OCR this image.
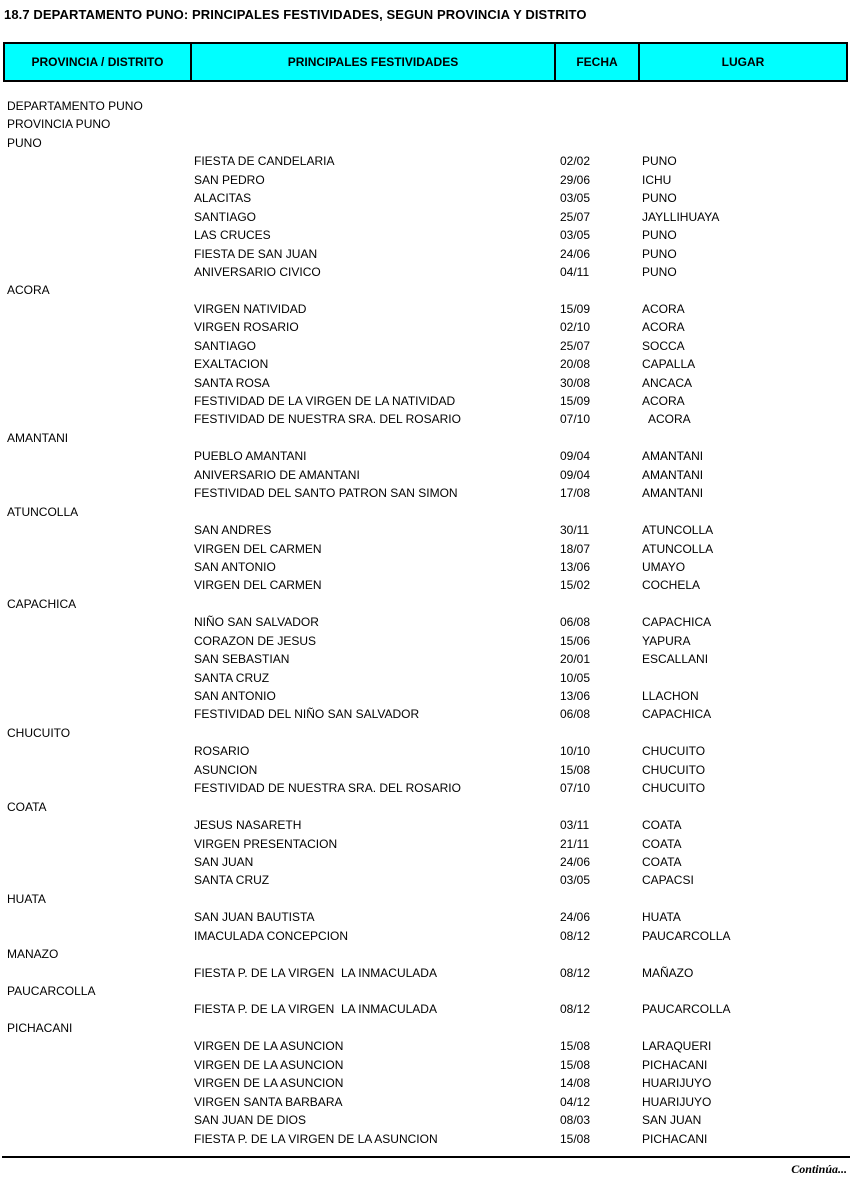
18.7 DEPARTAMENTO PUNO: PRINCIPALES FESTIVIDADES, SEGUN PROVINCIA Y DISTRITO
PROVINCIA / DISTRITO	PRINCIPALES FESTIVIDADES	FECHA	LUGAR
DEPARTAMENTO PUNO
PROVINCIA PUNO
PUNO
FIESTA DE CANDELARIA	02/02	PUNO
SAN PEDRO	29/06	ICHU
ALACITAS	03/05	PUNO
SANTIAGO	25/07	JAYLLIHUAYA
LAS CRUCES	03/05	PUNO
FIESTA DE SAN JUAN	24/06	PUNO
ANIVERSARIO CIVICO	04/11	PUNO
ACORA
VIRGEN NATIVIDAD	15/09	ACORA
VIRGEN ROSARIO	02/10	ACORA
SANTIAGO	25/07	SOCCA
EXALTACION	20/08	CAPALLA
SANTA ROSA	30/08	ANCACA
FESTIVIDAD DE LA VIRGEN DE LA NATIVIDAD	15/09	ACORA
FESTIVIDAD DE NUESTRA SRA. DEL ROSARIO	07/10	ACORA
AMANTANI
PUEBLO AMANTANI	09/04	AMANTANI
ANIVERSARIO DE AMANTANI	09/04	AMANTANI
FESTIVIDAD DEL SANTO PATRON SAN SIMON	17/08	AMANTANI
ATUNCOLLA
SAN ANDRES	30/11	ATUNCOLLA
VIRGEN DEL CARMEN	18/07	ATUNCOLLA
SAN ANTONIO	13/06	UMAYO
VIRGEN DEL CARMEN	15/02	COCHELA
CAPACHICA
NIÑO SAN SALVADOR	06/08	CAPACHICA
CORAZON DE JESUS	15/06	YAPURA
SAN SEBASTIAN	20/01	ESCALLANI
SANTA CRUZ	10/05
SAN ANTONIO	13/06	LLACHON
FESTIVIDAD DEL NIÑO SAN SALVADOR	06/08	CAPACHICA
CHUCUITO
ROSARIO	10/10	CHUCUITO
ASUNCION	15/08	CHUCUITO
FESTIVIDAD DE NUESTRA SRA. DEL ROSARIO	07/10	CHUCUITO
COATA
JESUS NASARETH	03/11	COATA
VIRGEN PRESENTACION	21/11	COATA
SAN JUAN	24/06	COATA
SANTA CRUZ	03/05	CAPACSI
HUATA
SAN JUAN BAUTISTA	24/06	HUATA
IMACULADA CONCEPCION	08/12	PAUCARCOLLA
MANAZO
FIESTA P. DE LA VIRGEN  LA INMACULADA	08/12	MAÑAZO
PAUCARCOLLA
FIESTA P. DE LA VIRGEN  LA INMACULADA	08/12	PAUCARCOLLA
PICHACANI
VIRGEN DE LA ASUNCION	15/08	LARAQUERI
VIRGEN DE LA ASUNCION	15/08	PICHACANI
VIRGEN DE LA ASUNCION	14/08	HUARIJUYO
VIRGEN SANTA BARBARA	04/12	HUARIJUYO
SAN JUAN DE DIOS	08/03	SAN JUAN
FIESTA P. DE LA VIRGEN DE LA ASUNCION	15/08	PICHACANI
Continúa...
